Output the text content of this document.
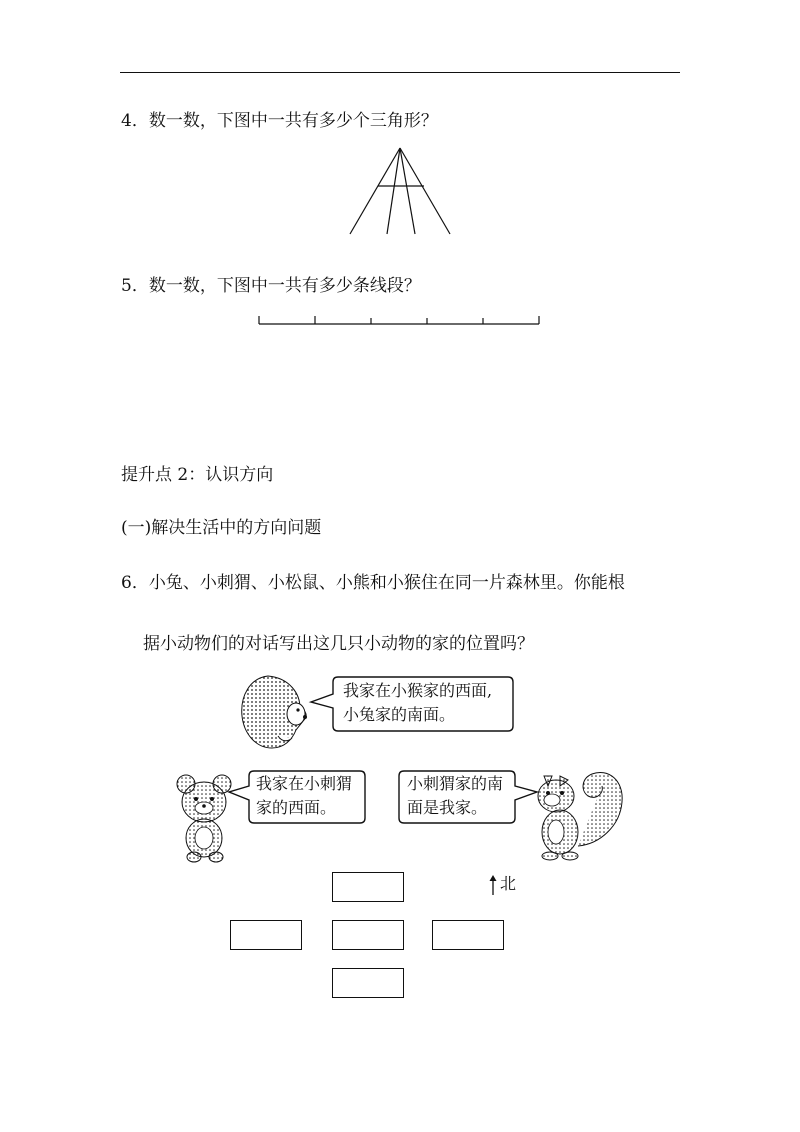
4．数一数，下图中一共有多少个三角形？
5．数一数，下图中一共有多少条线段？
提升点 2：认识方向
(一)解决生活中的方向问题
6．小兔、小刺猬、小松鼠、小熊和小猴住在同一片森林里。你能根
据小动物们的对话写出这几只小动物的家的位置吗？
我家在小猴家的西面,
小兔家的南面。
我家在小刺猬
家的西面。
小刺猬家的南
面是我家。
北
